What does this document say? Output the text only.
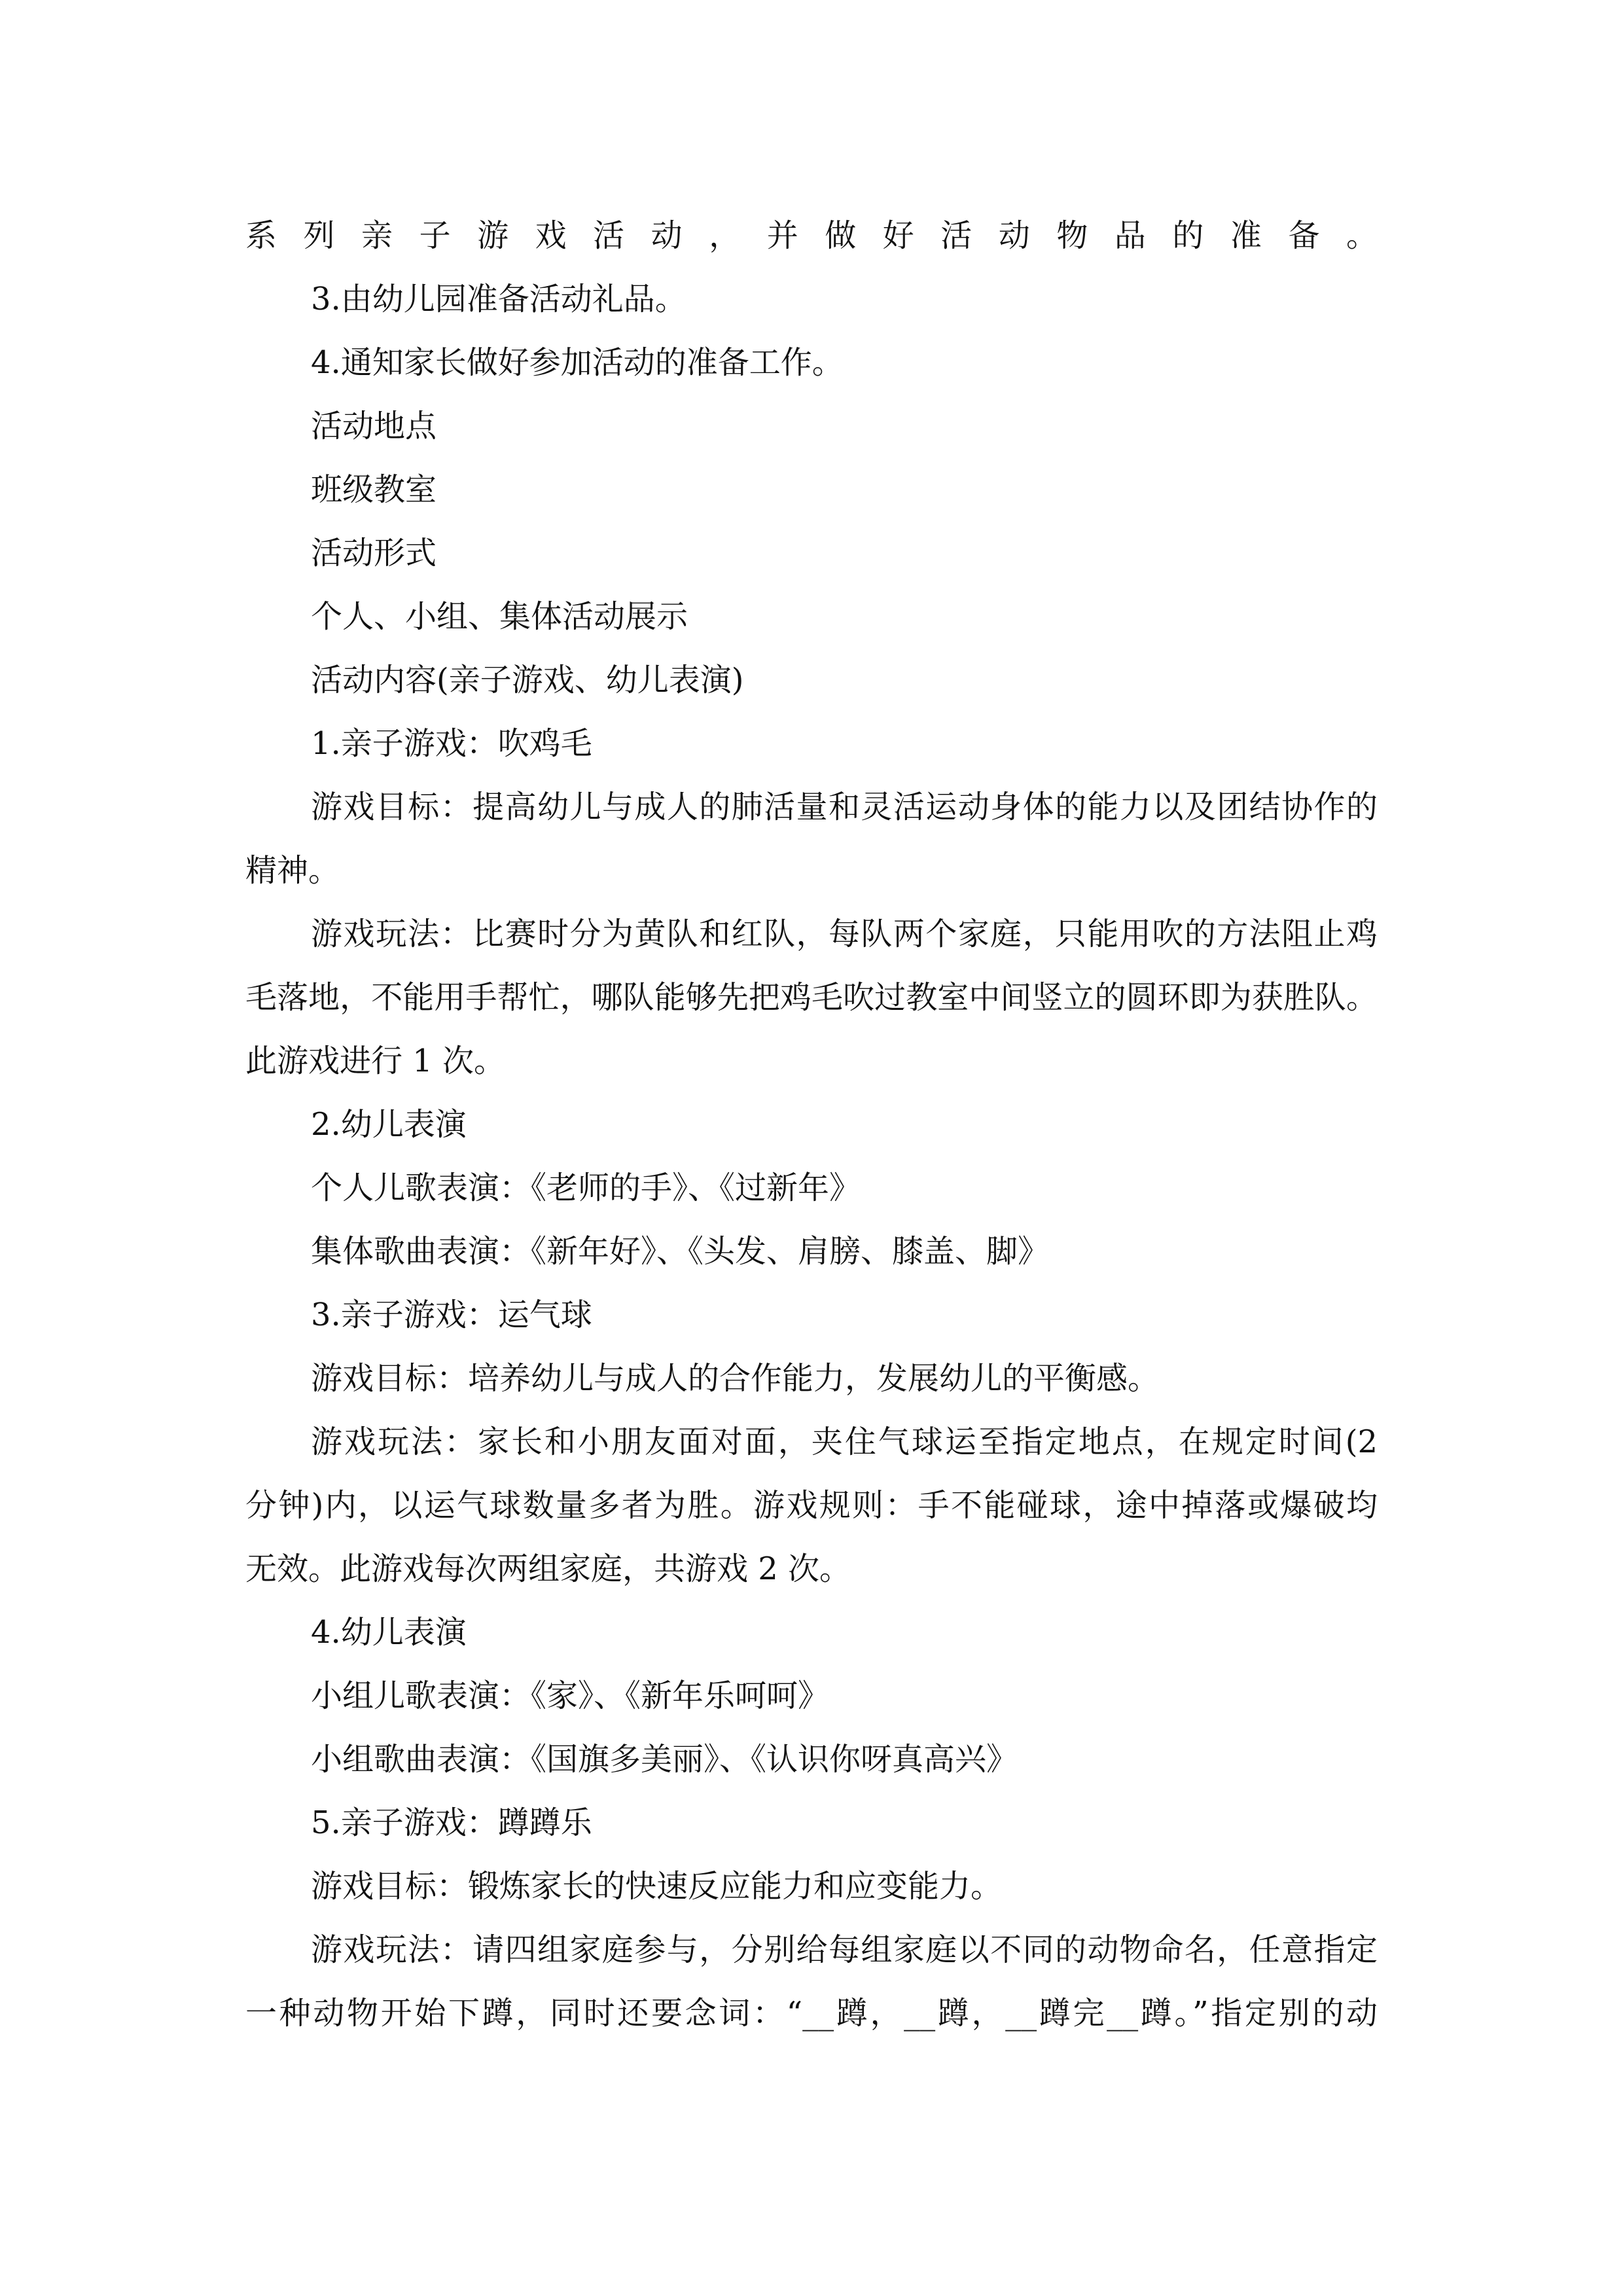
系列亲子游戏活动，并做好活动物品的准备。
3.由幼儿园准备活动礼品。
4.通知家长做好参加活动的准备工作。
活动地点
班级教室
活动形式
个人、小组、集体活动展示
活动内容(亲子游戏、幼儿表演)
1.亲子游戏：吹鸡毛
游戏目标：提高幼儿与成人的肺活量和灵活运动身体的能力以及团结协作的
精神。
游戏玩法：比赛时分为黄队和红队，每队两个家庭，只能用吹的方法阻止鸡
毛落地，不能用手帮忙，哪队能够先把鸡毛吹过教室中间竖立的圆环即为获胜队。
此游戏进行 1 次。
2.幼儿表演
个人儿歌表演：《老师的手》、《过新年》
集体歌曲表演：《新年好》、《头发、肩膀、膝盖、脚》
3.亲子游戏：运气球
游戏目标：培养幼儿与成人的合作能力，发展幼儿的平衡感。
游戏玩法：家长和小朋友面对面，夹住气球运至指定地点，在规定时间(2
分钟)内，以运气球数量多者为胜。游戏规则：手不能碰球，途中掉落或爆破均
无效。此游戏每次两组家庭，共游戏 2 次。
4.幼儿表演
小组儿歌表演：《家》、《新年乐呵呵》
小组歌曲表演：《国旗多美丽》、《认识你呀真高兴》
5.亲子游戏：蹲蹲乐
游戏目标：锻炼家长的快速反应能力和应变能力。
游戏玩法：请四组家庭参与，分别给每组家庭以不同的动物命名，任意指定
一种动物开始下蹲，同时还要念词：“__蹲，__蹲，__蹲完__蹲。”指定别的动
